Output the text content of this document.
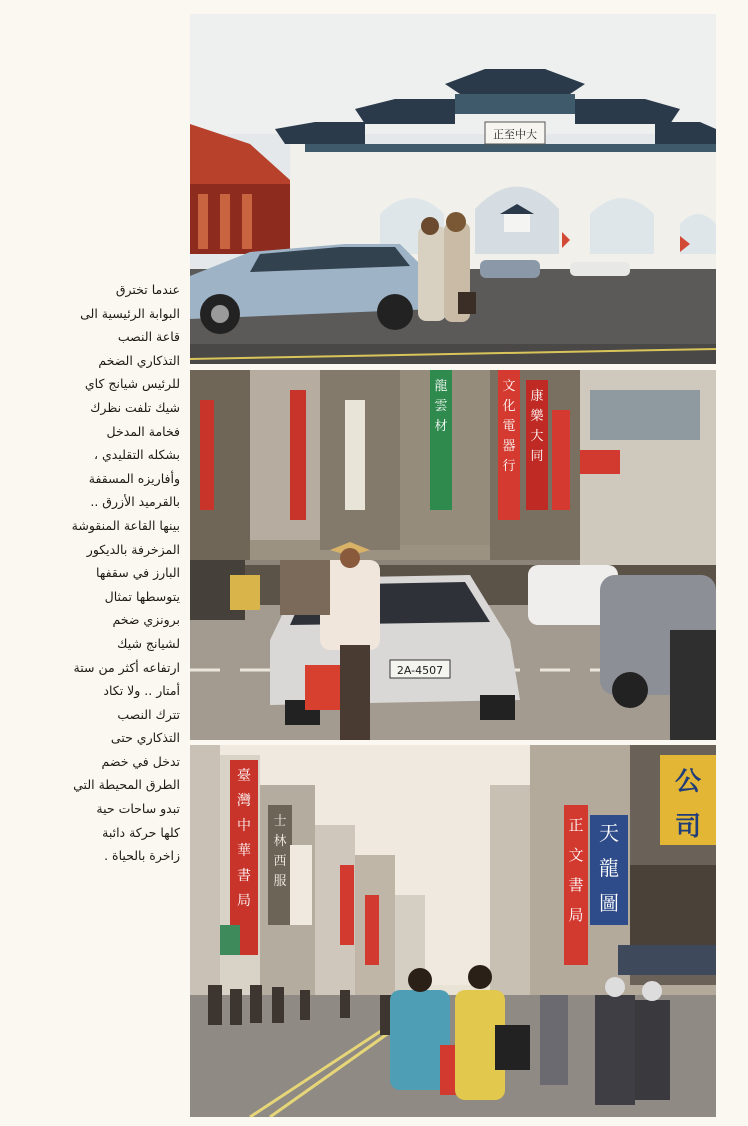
عندما تخترق
البوابة الرئيسية الى
قاعة النصب
التذكاري الضخم
للرئيس شيانج كاي
شيك تلفت نظرك
فخامة المدخل
بشكله التقليدي ،
وأفاريزه المسقفة
بالقرميد الأزرق ..
بينها القاعة المنقوشة
المزخرفة بالديكور
البارز في سقفها
يتوسطها تمثال
برونزي ضخم
لشيانج شيك
ارتفاعه أكثر من ستة
أمتار .. ولا تكاد
تترك النصب
التذكاري حتى
تدخل في خضم
الطرق المحيطة التي
تبدو ساحات حية
كلها حركة دائبة
زاخرة بالحياة .
正至中大
文
化
電
器
行
康
樂
大
同
龍
雲
材
2A-4507
臺
灣
中
華
書
局
士
林
西
服
公
司
天
龍
圖
正
文
書
局
